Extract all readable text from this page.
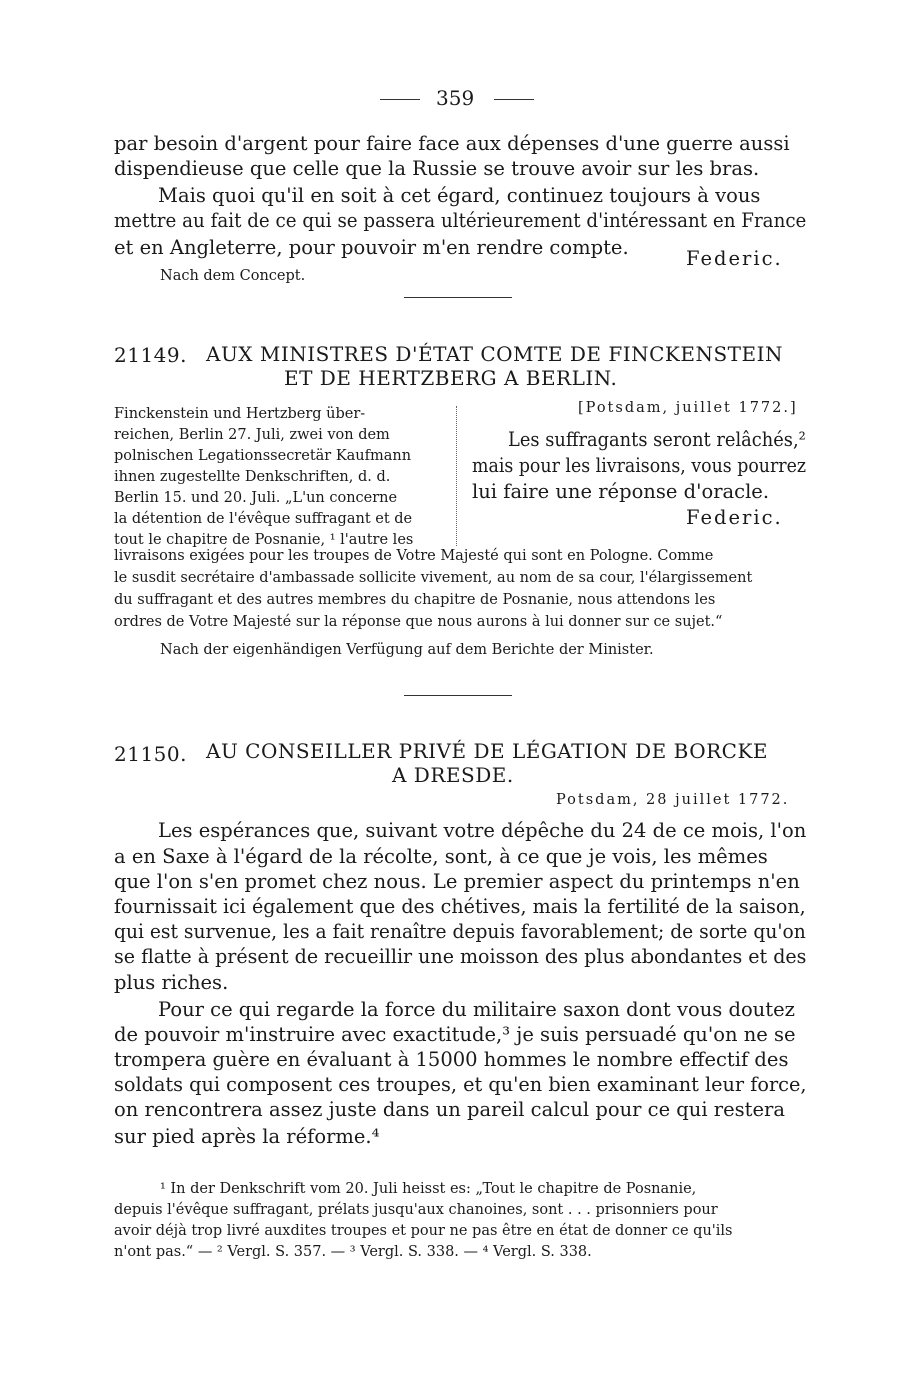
359
par besoin d'argent pour faire face aux dépenses d'une guerre aussi
dispendieuse que celle que la Russie se trouve avoir sur les bras.
Mais quoi qu'il en soit à cet égard, continuez toujours à vous
mettre au fait de ce qui se passera ultérieurement d'intéressant en France
et en Angleterre, pour pouvoir m'en rendre compte.	Federic.
Nach dem Concept.
21149. AUX MINISTRES D'ÉTAT COMTE DE FINCKENSTEIN
ET DE HERTZBERG A BERLIN.
Finckenstein und Hertzberg über-
reichen, Berlin 27. Juli, zwei von dem
polnischen Legationssecretär Kaufmann
ihnen zugestellte Denkschriften, d. d.
Berlin 15. und 20. Juli. „L'un concerne
la détention de l'évêque suffragant et de
tout le chapitre de Posnanie, ¹ l'autre les
[Potsdam, juillet 1772.]
Les suffragants seront relâchés,²
mais pour les livraisons, vous pourrez
lui faire une réponse d'oracle.
Federic.
livraisons exigées pour les troupes de Votre Majesté qui sont en Pologne. Comme
le susdit secrétaire d'ambassade sollicite vivement, au nom de sa cour, l'élargissement
du suffragant et des autres membres du chapitre de Posnanie, nous attendons les
ordres de Votre Majesté sur la réponse que nous aurons à lui donner sur ce sujet.“
Nach der eigenhändigen Verfügung auf dem Berichte der Minister.
21150. AU CONSEILLER PRIVÉ DE LÉGATION DE BORCKE
A DRESDE.
Potsdam, 28 juillet 1772.
Les espérances que, suivant votre dépêche du 24 de ce mois, l'on
a en Saxe à l'égard de la récolte, sont, à ce que je vois, les mêmes
que l'on s'en promet chez nous. Le premier aspect du printemps n'en
fournissait ici également que des chétives, mais la fertilité de la saison,
qui est survenue, les a fait renaître depuis favorablement; de sorte qu'on
se flatte à présent de recueillir une moisson des plus abondantes et des
plus riches.
Pour ce qui regarde la force du militaire saxon dont vous doutez
de pouvoir m'instruire avec exactitude,³ je suis persuadé qu'on ne se
trompera guère en évaluant à 15000 hommes le nombre effectif des
soldats qui composent ces troupes, et qu'en bien examinant leur force,
on rencontrera assez juste dans un pareil calcul pour ce qui restera
sur pied après la réforme.⁴
¹ In der Denkschrift vom 20. Juli heisst es: „Tout le chapitre de Posnanie,
depuis l'évêque suffragant, prélats jusqu'aux chanoines, sont . . . prisonniers pour
avoir déjà trop livré auxdites troupes et pour ne pas être en état de donner ce qu'ils
n'ont pas.“ — ² Vergl. S. 357. — ³ Vergl. S. 338. — ⁴ Vergl. S. 338.
